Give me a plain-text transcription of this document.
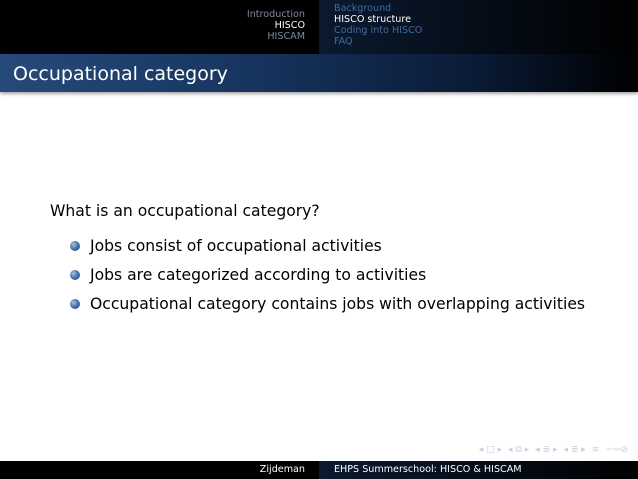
Introduction
HISCO
HISCAM
Background
HISCO structure
Coding into HISCO
FAQ
Occupational category
What is an occupational category?
Jobs consist of occupational activities
Jobs are categorized according to activities
Occupational category contains jobs with overlapping activities
◂ □ ▸ ◂ ⧉ ▸ ◂ ≣ ▸ ◂ ≣ ▸ ≡ ∽∾⊘
Zijdeman	EHPS Summerschool: HISCO & HISCAM
